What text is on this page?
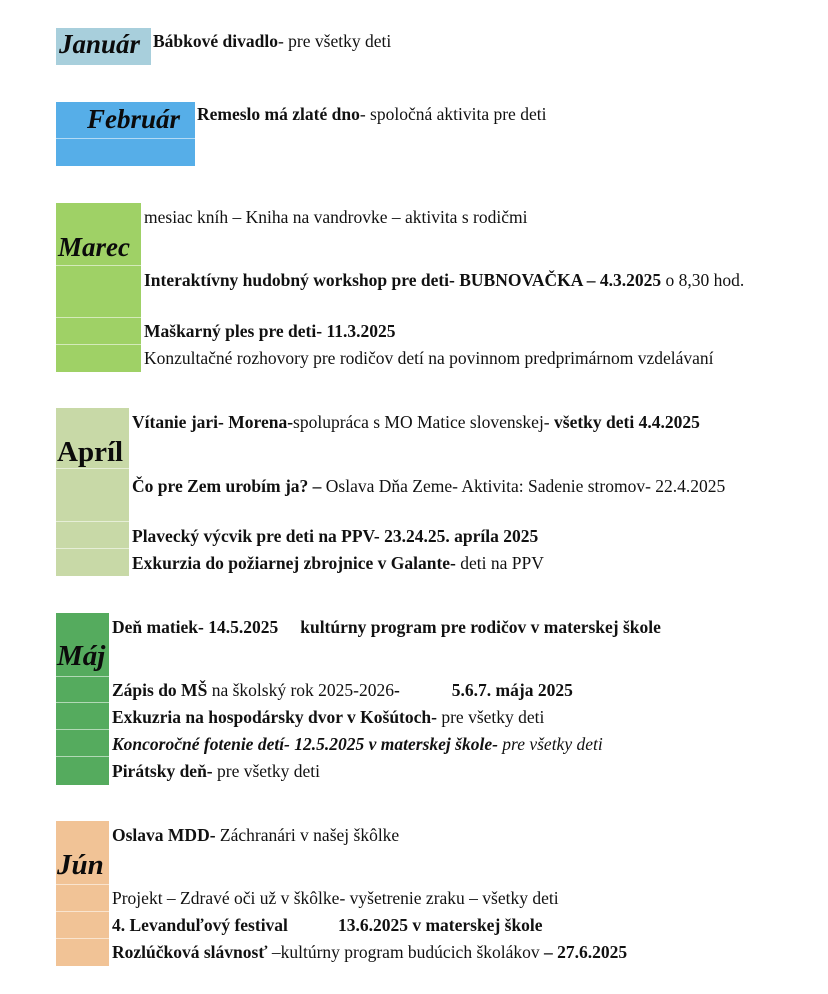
Január Bábkové divadlo- pre všetky deti
Február Remeslo má zlaté dno- spoločná aktivita pre deti
Marec
mesiac kníh – Kniha na vandrovke – aktivita s rodičmi
Interaktívny hudobný workshop pre deti- BUBNOVAČKA – 4.3.2025 o 8,30 hod.
Maškarný ples pre deti- 11.3.2025
Konzultačné rozhovory pre rodičov detí na povinnom predprimárnom vzdelávaní
Apríl
Vítanie jari- Morena-spolupráca s MO Matice slovenskej- všetky deti 4.4.2025
Čo pre Zem urobím ja? – Oslava Dňa Zeme- Aktivita: Sadenie stromov- 22.4.2025
Plavecký výcvik pre deti na PPV- 23.24.25. apríla 2025
Exkurzia do požiarnej zbrojnice v Galante- deti na PPV
Máj
Deň matiek- 14.5.2025 kultúrny program pre rodičov v materskej škole
Zápis do MŠ na školský rok 2025-2026-	5.6.7. mája 2025
Exkuzria na hospodársky dvor v Košútoch- pre všetky deti
Koncoročné fotenie detí- 12.5.2025 v materskej škole- pre všetky deti
Pirátsky deň- pre všetky deti
Jún
Oslava MDD- Záchranári v našej škôlke
Projekt – Zdravé oči už v škôlke- vyšetrenie zraku – všetky deti
4. Levanduľový festival	13.6.2025 v materskej škole
Rozlúčková slávnosť –kultúrny program budúcich školákov – 27.6.2025
